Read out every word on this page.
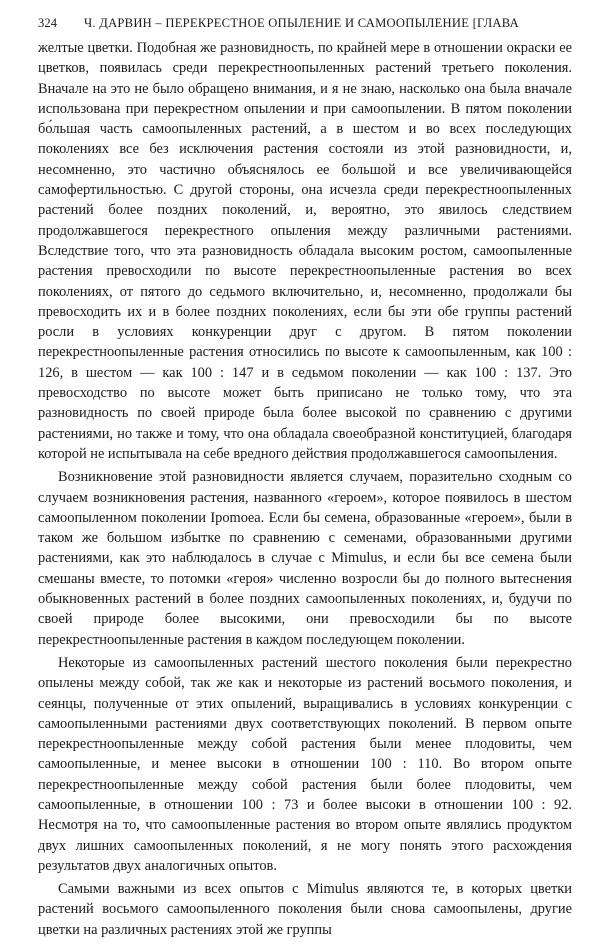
324	Ч. ДАРВИН – ПЕРЕКРЕСТНОЕ ОПЫЛЕНИЕ И САМООПЫЛЕНИЕ [ГЛАВА

желтые цветки. Подобная же разновидность, по крайней мере в отношении окраски ее цветков, появилась среди перекрестноопыленных растений третьего поколения. Вначале на это не было обращено внимания, и я не знаю, насколько она была вначале использована при перекрестном опылении и при самоопылении. В пятом поколении бо́льшая часть самоопыленных растений, а в шестом и во всех последующих поколениях все без исключения растения состояли из этой разновидности, и, несомненно, это частично объяснялось ее большой и все увеличивающейся самофертильностью. С другой стороны, она исчезла среди перекрестноопыленных растений более поздних поколений, и, вероятно, это явилось следствием продолжавшегося перекрестного опыления между различными растениями. Вследствие того, что эта разновидность обладала высоким ростом, самоопыленные растения превосходили по высоте перекрестноопыленные растения во всех поколениях, от пятого до седьмого включительно, и, несомненно, продолжали бы превосходить их и в более поздних поколениях, если бы эти обе группы растений росли в условиях конкуренции друг с другом. В пятом поколении перекрестноопыленные растения относились по высоте к самоопыленным, как 100 : 126, в шестом — как 100 : 147 и в седьмом поколении — как 100 : 137. Это превосходство по высоте может быть приписано не только тому, что эта разновидность по своей природе была более высокой по сравнению с другими растениями, но также и тому, что она обладала своеобразной конституцией, благодаря которой не испытывала на себе вредного действия продолжавшегося самоопыления.

Возникновение этой разновидности является случаем, поразительно сходным со случаем возникновения растения, названного «героем», которое появилось в шестом самоопыленном поколении Ipomoea. Если бы семена, образованные «героем», были в таком же большом избытке по сравнению с семенами, образованными другими растениями, как это наблюдалось в случае с Mimulus, и если бы все семена были смешаны вместе, то потомки «героя» численно возросли бы до полного вытеснения обыкновенных растений в более поздних самоопыленных поколениях, и, будучи по своей природе более высокими, они превосходили бы по высоте перекрестноопыленные растения в каждом последующем поколении.

Некоторые из самоопыленных растений шестого поколения были перекрестно опылены между собой, так же как и некоторые из растений восьмого поколения, и сеянцы, полученные от этих опылений, выращивались в условиях конкуренции с самоопыленными растениями двух соответствующих поколений. В первом опыте перекрестноопыленные между собой растения были менее плодовиты, чем самоопыленные, и менее высоки в отношении 100 : 110. Во втором опыте перекрестноопыленные между собой растения были более плодовиты, чем самоопыленные, в отношении 100 : 73 и более высоки в отношении 100 : 92. Несмотря на то, что самоопыленные растения во втором опыте являлись продуктом двух лишних самоопыленных поколений, я не могу понять этого расхождения результатов двух аналогичных опытов.

Самыми важными из всех опытов с Mimulus являются те, в которых цветки растений восьмого самоопыленного поколения были снова самоопылены, другие цветки на различных растениях этой же группы
